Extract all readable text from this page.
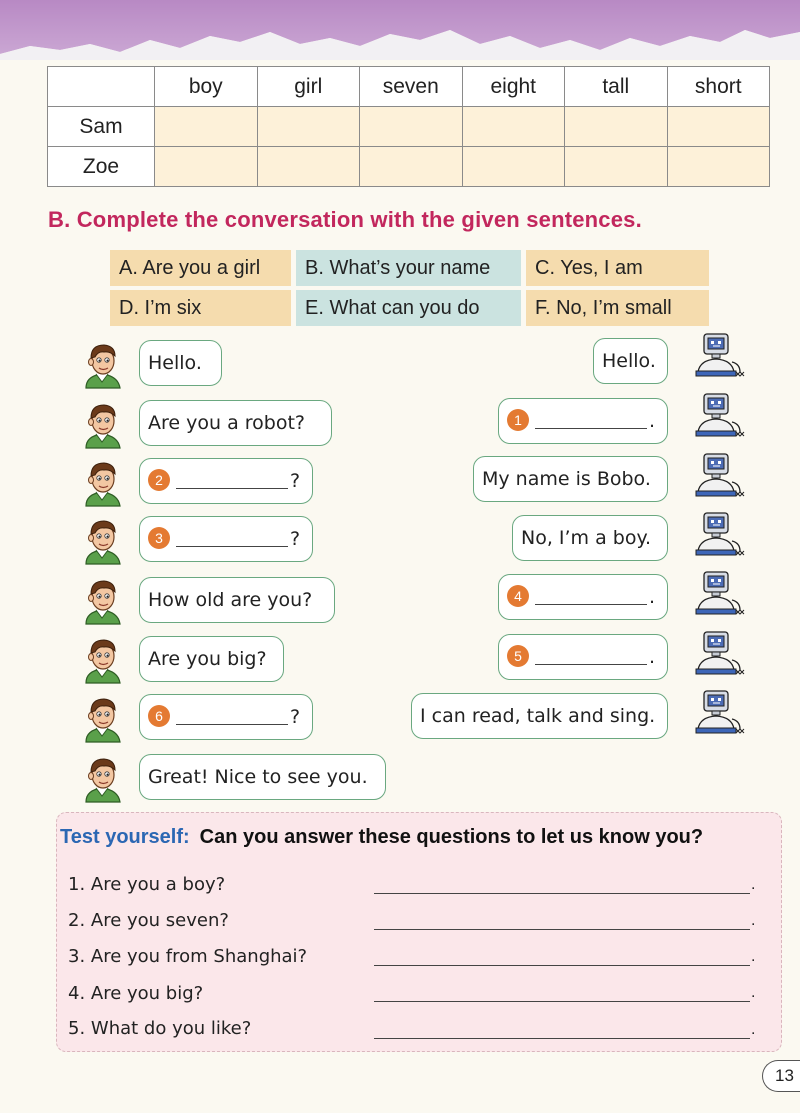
	boy	girl	seven	eight	tall	short
Sam						
Zoe						
B. Complete the conversation with the given sentences.
A. Are you a girl	B. What’s your name	C. Yes, I am
D. I’m six	E. What can you do	F. No, I’m small
Hello.
Are you a robot?
2	?
3	?
How old are you?
Are you big?
6	?
Great! Nice to see you.
Hello.
1	.
My name is Bobo.
No, I’m a boy.
4	.
5	.
I can read, talk and sing.
Test yourself: Can you answer these questions to let us know you?
1. Are you a boy?	.
2. Are you seven?	.
3. Are you from Shanghai?	.
4. Are you big?	.
5. What do you like?	.
13
